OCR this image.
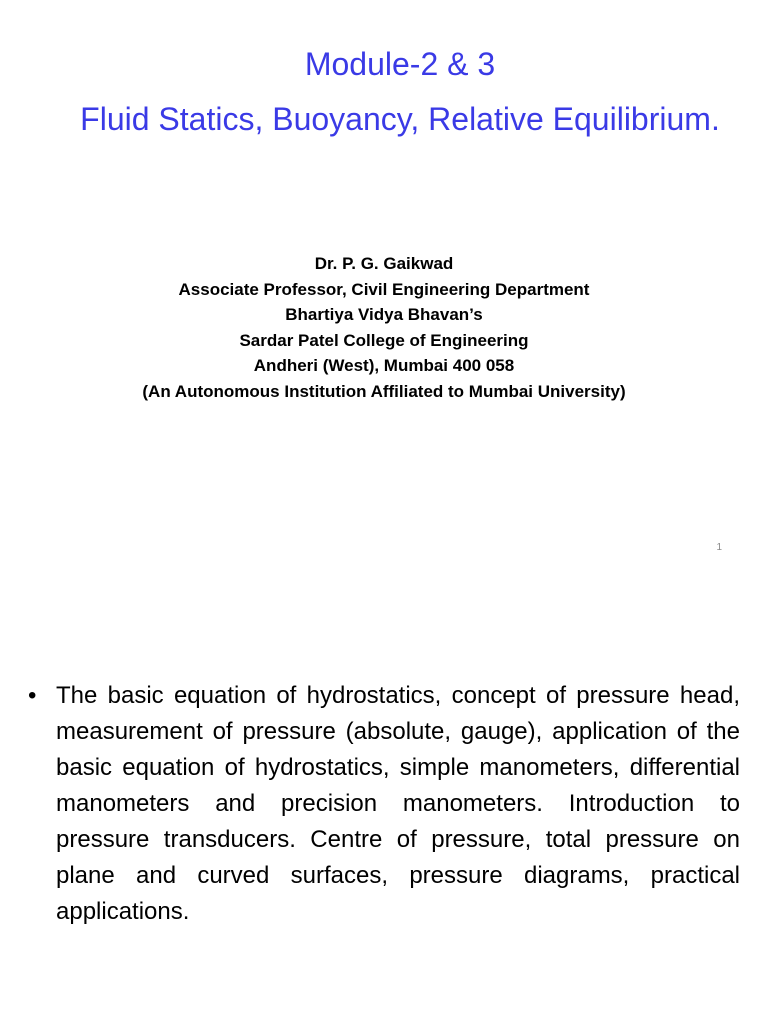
Module-2 & 3
Fluid Statics, Buoyancy, Relative Equilibrium.
Dr. P. G. Gaikwad
Associate Professor, Civil Engineering Department
Bhartiya Vidya Bhavan’s
Sardar Patel College of Engineering
Andheri (West), Mumbai 400 058
(An Autonomous Institution Affiliated to Mumbai University)
1
• The basic equation of hydrostatics, concept of pressure head, measurement of pressure (absolute, gauge), application of the basic equation of hydrostatics, simple manometers, differential manometers and precision manometers. Introduction to pressure transducers. Centre of pressure, total pressure on plane and curved surfaces, pressure diagrams, practical applications.
